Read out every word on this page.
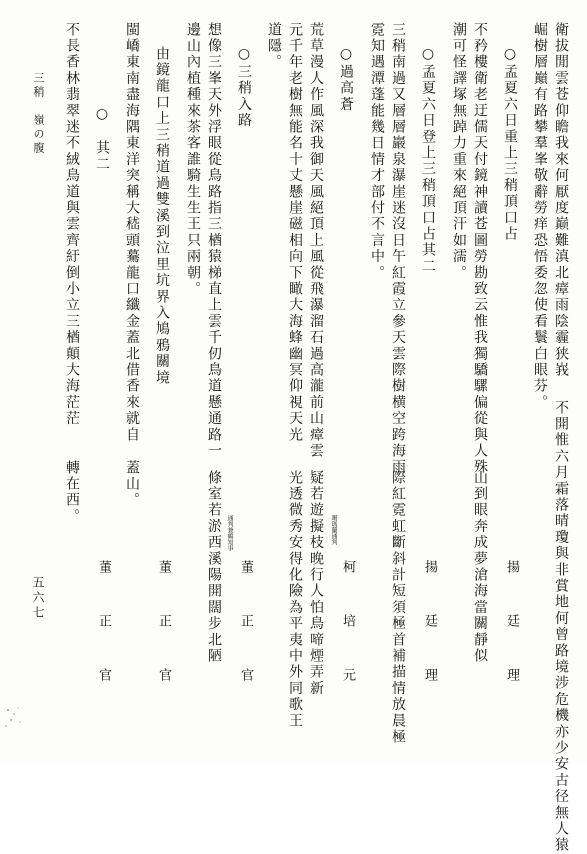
衛拔閒雲苍仰瞻我來何厭度巅難滇北瘴雨陰霾狭峩
不開惟六月霜落晴瓊與非賞地何曾路境涉危機亦少安古径無人猿
崛樹層巔有路攀羣峯敬辭勞痒恐悟委忽使看鬟白眼芬。
○孟夏六日重上三稍頂口占
揚　廷　理
不矜樓衛老迂儒天付鏡神讀苍圖勞勘致云惟我獨驕騾偏從與人殊
山到眼奔成夢滄海當關靜似
潮可怪譯塚無踔力重來絕頂汗如濡。
○孟夏六日登上三稍頂口占其二
揚　廷　理
三稍南過又層層巖泉瀑崖迷沒日午紅霞立參天雲際樹横空跨海雨
際紅霓虹斷斜計短須極首補描情放晨極
霓知遇潭蓬能幾日情才部付不言中。
○過高蒼
噶瑪蘭通判
柯　培　元
荒草漫人作風深我御天風絕頂上風從飛瀑溜石過高瀧前山瘴雲
疑若遊擬枝晚行人怕鳥啼煙弄新
元千年老樹無能名十丈懸崖磁相向下瞰大海蜂幽冥仰視天光
光透微秀安得化險為平夷中外同歌王
道隱。
○三稍入路
通判兼鶴知事
董　正　官
想像三峯天外浮眼從鳥路指三楢猿梯直上雲千仞鳥道懸通路一
條室若淤西溪陽開闊步北陋
邊山內植種來茶客誰騎生生王只兩朝。
由鏡龍口上三稍道過雙溪到泣里坑界入鳩鴉關境
董　正　官
閩嶠東南盡海隅東洋突稱大嵇頭驀龍口纖金蓋北借香來就自
蓋山。
○　其二
董　正　官
不長香林翡翠迷不絨鳥道與雲齊紆倒小立三楢顛大海茫茫
轉在西。
三稍　嶺の腹
五六七
